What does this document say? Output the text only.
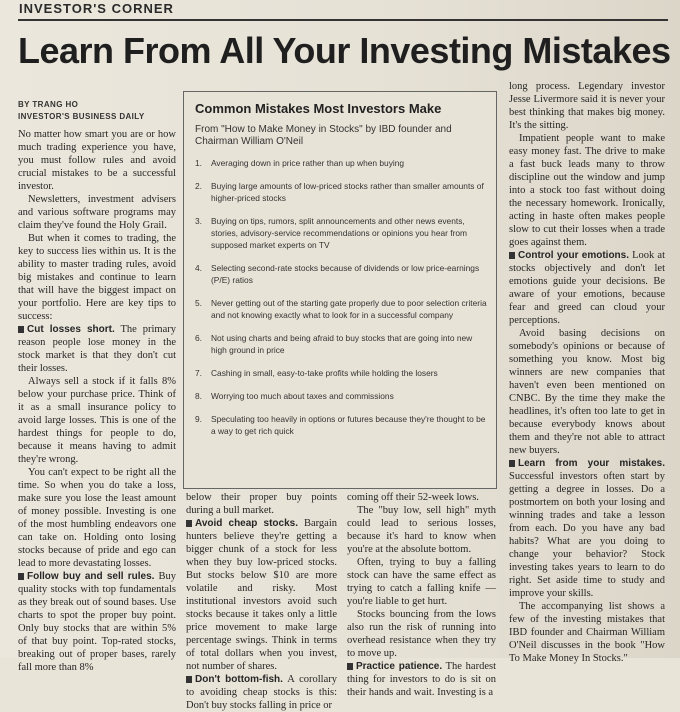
INVESTOR'S CORNER
Learn From All Your Investing Mistakes
BY TRANG HO
INVESTOR'S BUSINESS DAILY

No matter how smart you are or how much trading experience you have, you must follow rules and avoid crucial mistakes to be a successful investor.

Newsletters, investment advisers and various software programs may claim they've found the Holy Grail.

But when it comes to trading, the key to success lies within us. It is the ability to master trading rules, avoid big mistakes and continue to learn that will have the biggest impact on your portfolio. Here are key tips to success:

Cut losses short. The primary reason people lose money in the stock market is that they don't cut their losses.

Always sell a stock if it falls 8% below your purchase price. Think of it as a small insurance policy to avoid large losses. This is one of the hardest things for people to do, because it means having to admit they're wrong.

You can't expect to be right all the time. So when you do take a loss, make sure you lose the least amount of money possible. Investing is one of the most humbling endeavors one can take on. Holding onto losing stocks because of pride and ego can lead to more devastating losses.

Follow buy and sell rules. Buy quality stocks with top fundamentals as they break out of sound bases. Use charts to spot the proper buy point. Only buy stocks that are within 5% of that buy point. Top-rated stocks, breaking out of proper bases, rarely fall more than 8%

Common Mistakes Most Investors Make
From "How to Make Money in Stocks" by IBD founder and Chairman William O'Neil
1.	Averaging down in price rather than up when buying
2.	Buying large amounts of low-priced stocks rather than smaller amounts of higher-priced stocks
3.	Buying on tips, rumors, split announcements and other news events, stories, advisory-service recommendations or opinions you hear from supposed market experts on TV
4.	Selecting second-rate stocks because of dividends or low price-earnings (P/E) ratios
5.	Never getting out of the starting gate properly due to poor selection criteria and not knowing exactly what to look for in a successful company
6.	Not using charts and being afraid to buy stocks that are going into new high ground in price
7.	Cashing in small, easy-to-take profits while holding the losers
8.	Worrying too much about taxes and commissions
9.	Speculating too heavily in options or futures because they're thought to be a way to get rich quick

below their proper buy points during a bull market.

Avoid cheap stocks. Bargain hunters believe they're getting a bigger chunk of a stock for less when they buy low-priced stocks. But stocks below $10 are more volatile and risky. Most institutional investors avoid such stocks because it takes only a little price movement to make large percentage swings. Think in terms of total dollars when you invest, not number of shares.

Don't bottom-fish. A corollary to avoiding cheap stocks is this: Don't buy stocks falling in price or

coming off their 52-week lows.

The "buy low, sell high" myth could lead to serious losses, because it's hard to know when you're at the absolute bottom.

Often, trying to buy a falling stock can have the same effect as trying to catch a falling knife — you're liable to get hurt.

Stocks bouncing from the lows also run the risk of running into overhead resistance when they try to move up.

Practice patience. The hardest thing for investors to do is sit on their hands and wait. Investing is a

long process. Legendary investor Jesse Livermore said it is never your best thinking that makes big money. It's the sitting.

Impatient people want to make easy money fast. The drive to make a fast buck leads many to throw discipline out the window and jump into a stock too fast without doing the necessary homework. Ironically, acting in haste often makes people slow to cut their losses when a trade goes against them.

Control your emotions. Look at stocks objectively and don't let emotions guide your decisions. Be aware of your emotions, because fear and greed can cloud your perceptions.

Avoid basing decisions on somebody's opinions or because of something you know. Most big winners are new companies that haven't even been mentioned on CNBC. By the time they make the headlines, it's often too late to get in because everybody knows about them and they're not able to attract new buyers.

Learn from your mistakes. Successful investors often start by getting a degree in losses. Do a postmortem on both your losing and winning trades and take a lesson from each. Do you have any bad habits? What are you doing to change your behavior? Stock investing takes years to learn to do right. Set aside time to study and improve your skills.

The accompanying list shows a few of the investing mistakes that IBD founder and Chairman William O'Neil discusses in the book "How To Make Money In Stocks."
